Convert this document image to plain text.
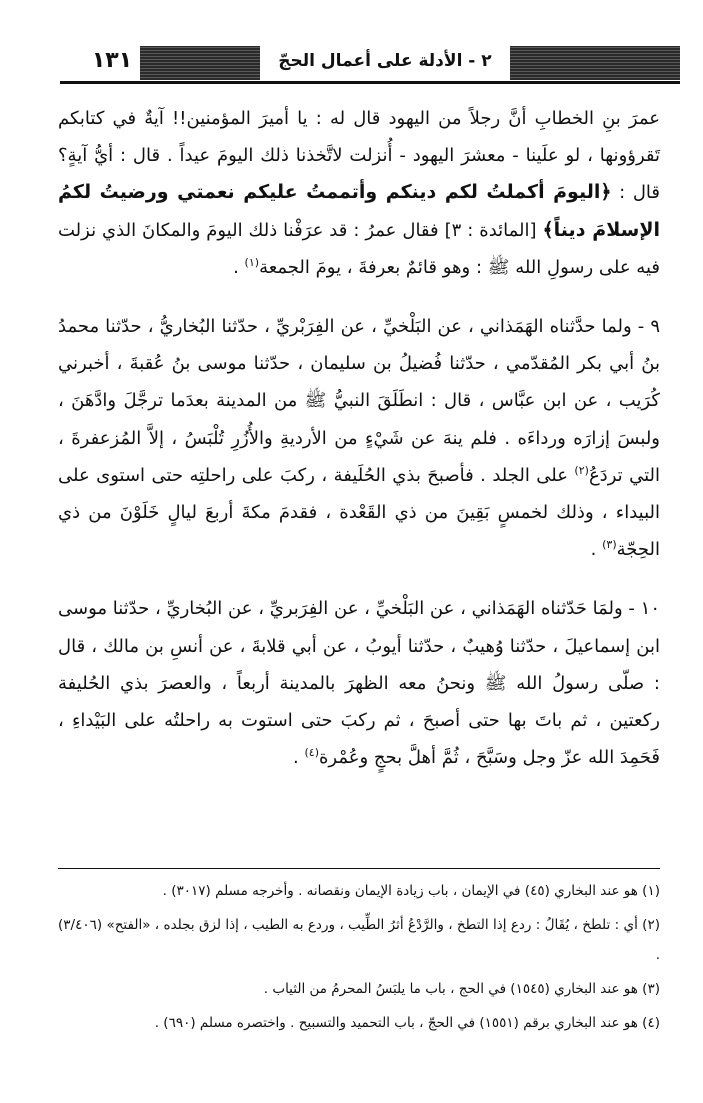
٢ - الأدلة على أعمال الحجّ
١٣١

عمرَ بنِ الخطابِ أنَّ رجلاً من اليهود قال له : يا أميرَ المؤمنين!! آيةٌ في كتابكم تَقرؤونها ، لو علَينا - معشرَ اليهود - أُنزلت لاتَّخذنا ذلك اليومَ عيداً . قال : أيُّ آيةٍ؟ قال : ﴿اليومَ أكملتُ لكم دينكم وأتممتُ عليكم نعمتي ورضيتُ لكمُ الإسلامَ ديناً﴾ [المائدة : ٣] فقال عمرُ : قد عرَفْنا ذلك اليومَ والمكانَ الذي نزلت فيه على رسولِ الله ﷺ : وهو قائمٌ بعرفةَ ، يومَ الجمعة$^{(١)}$ .

٩ - ولما حدَّثناه الهَمَذاني ، عن البَلْخيِّ ، عن الفِرَبْريِّ ، حدّثنا البُخاريُّ ، حدّثنا محمدُ بنُ أبي بكر المُقدّمي ، حدّثنا فُضيلُ بن سليمان ، حدّثنا موسى بنُ عُقبةَ ، أخبرني كُرَيب ، عن ابن عبَّاس ، قال : انطَلَقَ النبيُّ ﷺ من المدينة بعدَما ترجَّلَ وادَّهَنَ ، ولبسَ إزارَه ورداءَه . فلم ينهَ عن شَيْءٍ من الأرديةِ والأُزُرِ تُلْبَسُ ، إلاَّ المُزعفرةَ ، التي تردَعُ$^{(٢)}$ على الجلد . فأصبحَ بذي الحُلَيفة ، ركبَ على راحلتِه حتى استوى على البيداء ، وذلك لخمسٍ بَقِينَ من ذي القَعْدة ، فقدمَ مكةَ أربعَ ليالٍ خَلَوْنَ من ذي الحِجّة$^{(٣)}$ .

١٠ - ولمَا حَدّثناه الهَمَذاني ، عن البَلْخيِّ ، عن الفِرَبريِّ ، عن البُخاريِّ ، حدّثنا موسى ابن إسماعيلَ ، حدّثنا وُهيبٌ ، حدّثنا أيوبُ ، عن أبي قلابةَ ، عن أنسِ بن مالك ، قال : صلّى رسولُ الله ﷺ ونحنُ معه الظهرَ بالمدينة أربعاً ، والعصرَ بذي الحُليفة ركعتين ، ثم باتَ بها حتى أصبحَ ، ثم ركبَ حتى استوت به راحلتُه على البَيْداءِ ، فَحَمِدَ الله عزّ وجل وسَبَّحَ ، ثُمَّ أهلَّ بحجٍ وعُمْرة$^{(٤)}$ .

(١) هو عند البخاري (٤٥) في الإيمان ، باب زيادة الإيمان ونقصانه . وأخرجه مسلم (٣٠١٧) .
(٢) أي : تلطخ ، يُقَالُ : ردع إذا التطخ ، والرَّدْعُ أثرُ الطِّيب ، وردع به الطيب ، إذا لزق بجلده ، «الفتح» (٣/٤٠٦) .
(٣) هو عند البخاري (١٥٤٥) في الحج ، باب ما يلبَسُ المحرمُ من الثياب .
(٤) هو عند البخاري برقم (١٥٥١) في الحجّ ، باب التحميد والتسبيح . واختصره مسلم (٦٩٠) .
